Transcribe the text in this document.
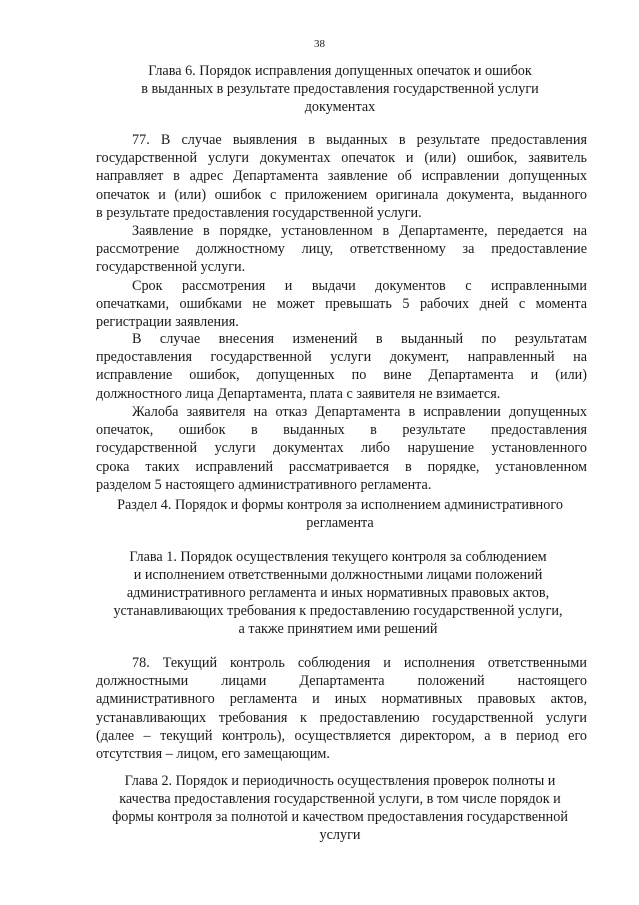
38
Глава 6. Порядок исправления допущенных опечаток и ошибок
в выданных в результате предоставления государственной услуги
документах
77. В случае выявления в выданных в результате предоставления
государственной услуги документах опечаток и (или) ошибок, заявитель
направляет в адрес Департамента заявление об исправлении допущенных
опечаток и (или) ошибок с приложением оригинала документа, выданного
в результате предоставления государственной услуги.
Заявление в порядке, установленном в Департаменте, передается на
рассмотрение должностному лицу, ответственному за предоставление
государственной услуги.
Срок рассмотрения и выдачи документов с исправленными
опечатками, ошибками не может превышать 5 рабочих дней с момента
регистрации заявления.
В случае внесения изменений в выданный по результатам
предоставления государственной услуги документ, направленный на
исправление ошибок, допущенных по вине Департамента и (или)
должностного лица Департамента, плата с заявителя не взимается.
Жалоба заявителя на отказ Департамента в исправлении допущенных
опечаток, ошибок в выданных в результате предоставления
государственной услуги документах либо нарушение установленного
срока таких исправлений рассматривается в порядке, установленном
разделом 5 настоящего административного регламента.
Раздел 4. Порядок и формы контроля за исполнением административного
регламента
Глава 1. Порядок осуществления текущего контроля за соблюдением
и исполнением ответственными должностными лицами положений
административного регламента и иных нормативных правовых актов,
устанавливающих требования к предоставлению государственной услуги,
а также принятием ими решений
78. Текущий контроль соблюдения и исполнения ответственными
должностными лицами Департамента положений настоящего
административного регламента и иных нормативных правовых актов,
устанавливающих требования к предоставлению государственной услуги
(далее – текущий контроль), осуществляется директором, а в период его
отсутствия – лицом, его замещающим.
Глава 2. Порядок и периодичность осуществления проверок полноты и
качества предоставления государственной услуги, в том числе порядок и
формы контроля за полнотой и качеством предоставления государственной
услуги
